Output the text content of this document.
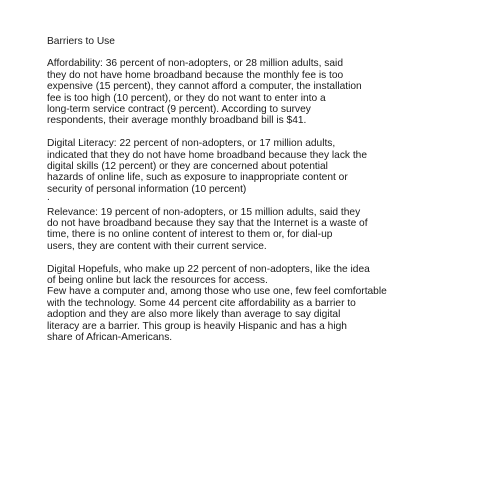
Barriers to Use
Affordability: 36 percent of non-adopters, or 28 million adults, said
they do not have home broadband because the monthly fee is too
expensive (15 percent), they cannot afford a computer, the installation
fee is too high (10 percent), or they do not want to enter into a
long-term service contract (9 percent). According to survey
respondents, their average monthly broadband bill is $41.
Digital Literacy: 22 percent of non-adopters, or 17 million adults,
indicated that they do not have home broadband because they lack the
digital skills (12 percent) or they are concerned about potential
hazards of online life, such as exposure to inappropriate content or
security of personal information (10 percent)
.
Relevance: 19 percent of non-adopters, or 15 million adults, said they
do not have broadband because they say that the Internet is a waste of
time, there is no online content of interest to them or, for dial-up
users, they are content with their current service.
Digital Hopefuls, who make up 22 percent of non-adopters, like the idea
of being online but lack the resources for access.
Few have a computer and, among those who use one, few feel comfortable
with the technology. Some 44 percent cite affordability as a barrier to
adoption and they are also more likely than average to say digital
literacy are a barrier. This group is heavily Hispanic and has a high
share of African-Americans.
